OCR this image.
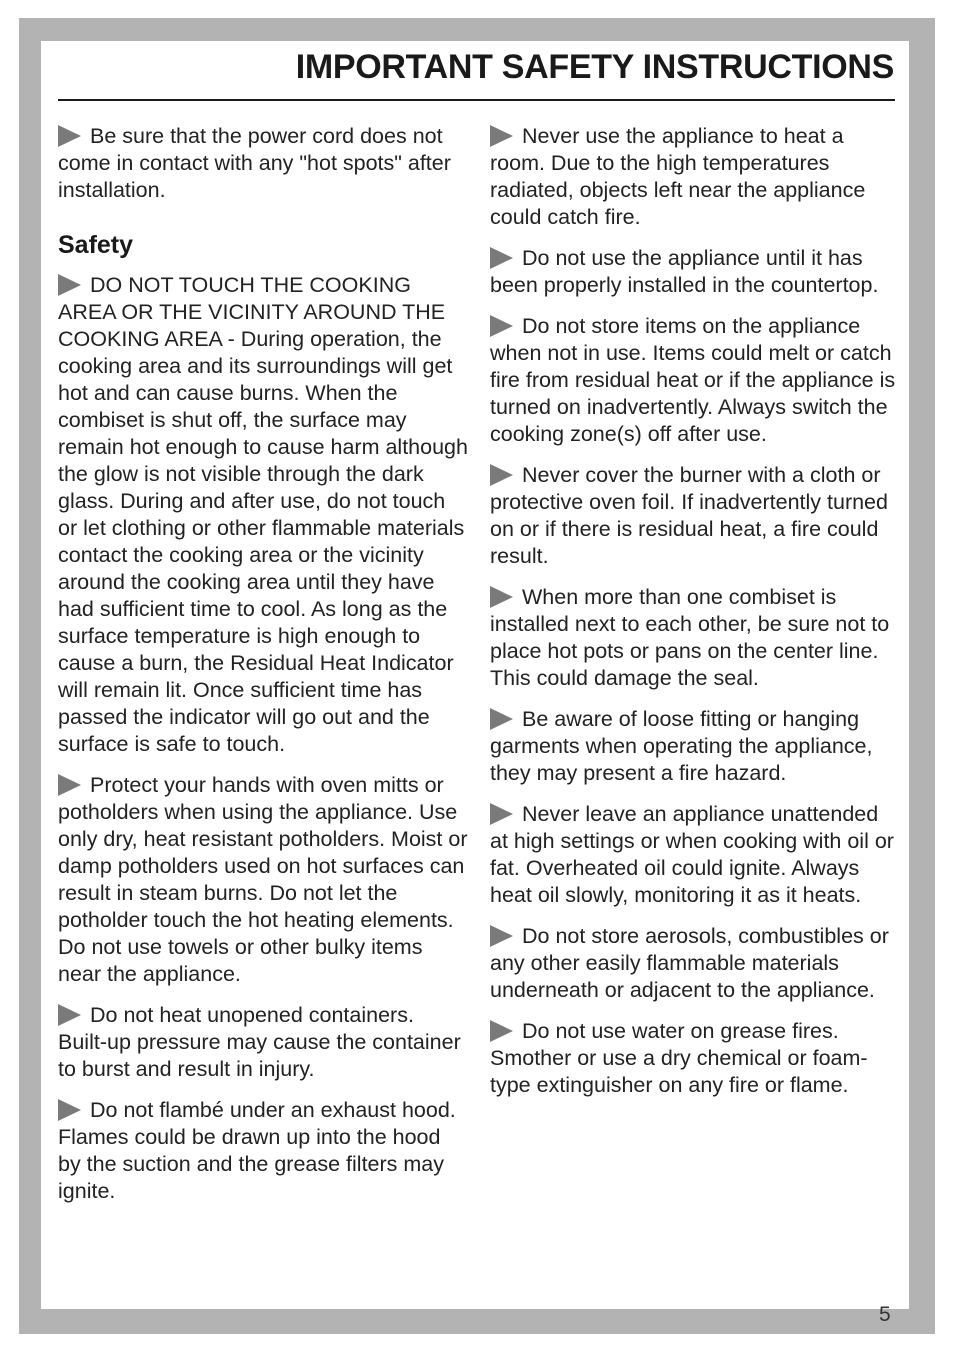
IMPORTANT SAFETY INSTRUCTIONS

Be sure that the power cord does not come in contact with any "hot spots" after installation.

Safety

DO NOT TOUCH THE COOKING AREA OR THE VICINITY AROUND THE COOKING AREA - During operation, the cooking area and its surroundings will get hot and can cause burns. When the combiset is shut off, the surface may remain hot enough to cause harm although the glow is not visible through the dark glass. During and after use, do not touch or let clothing or other flammable materials contact the cooking area or the vicinity around the cooking area until they have had sufficient time to cool. As long as the surface temperature is high enough to cause a burn, the Residual Heat Indicator will remain lit. Once sufficient time has passed the indicator will go out and the surface is safe to touch.

Protect your hands with oven mitts or potholders when using the appliance. Use only dry, heat resistant potholders. Moist or damp potholders used on hot surfaces can result in steam burns. Do not let the potholder touch the hot heating elements. Do not use towels or other bulky items near the appliance.

Do not heat unopened containers. Built-up pressure may cause the container to burst and result in injury.

Do not flambé under an exhaust hood. Flames could be drawn up into the hood by the suction and the grease filters may ignite.

Never use the appliance to heat a room. Due to the high temperatures radiated, objects left near the appliance could catch fire.

Do not use the appliance until it has been properly installed in the countertop.

Do not store items on the appliance when not in use. Items could melt or catch fire from residual heat or if the appliance is turned on inadvertently. Always switch the cooking zone(s) off after use.

Never cover the burner with a cloth or protective oven foil. If inadvertently turned on or if there is residual heat, a fire could result.

When more than one combiset is installed next to each other, be sure not to place hot pots or pans on the center line. This could damage the seal.

Be aware of loose fitting or hanging garments when operating the appliance, they may present a fire hazard.

Never leave an appliance unattended at high settings or when cooking with oil or fat. Overheated oil could ignite. Always heat oil slowly, monitoring it as it heats.

Do not store aerosols, combustibles or any other easily flammable materials underneath or adjacent to the appliance.

Do not use water on grease fires. Smother or use a dry chemical or foam-type extinguisher on any fire or flame.

5
